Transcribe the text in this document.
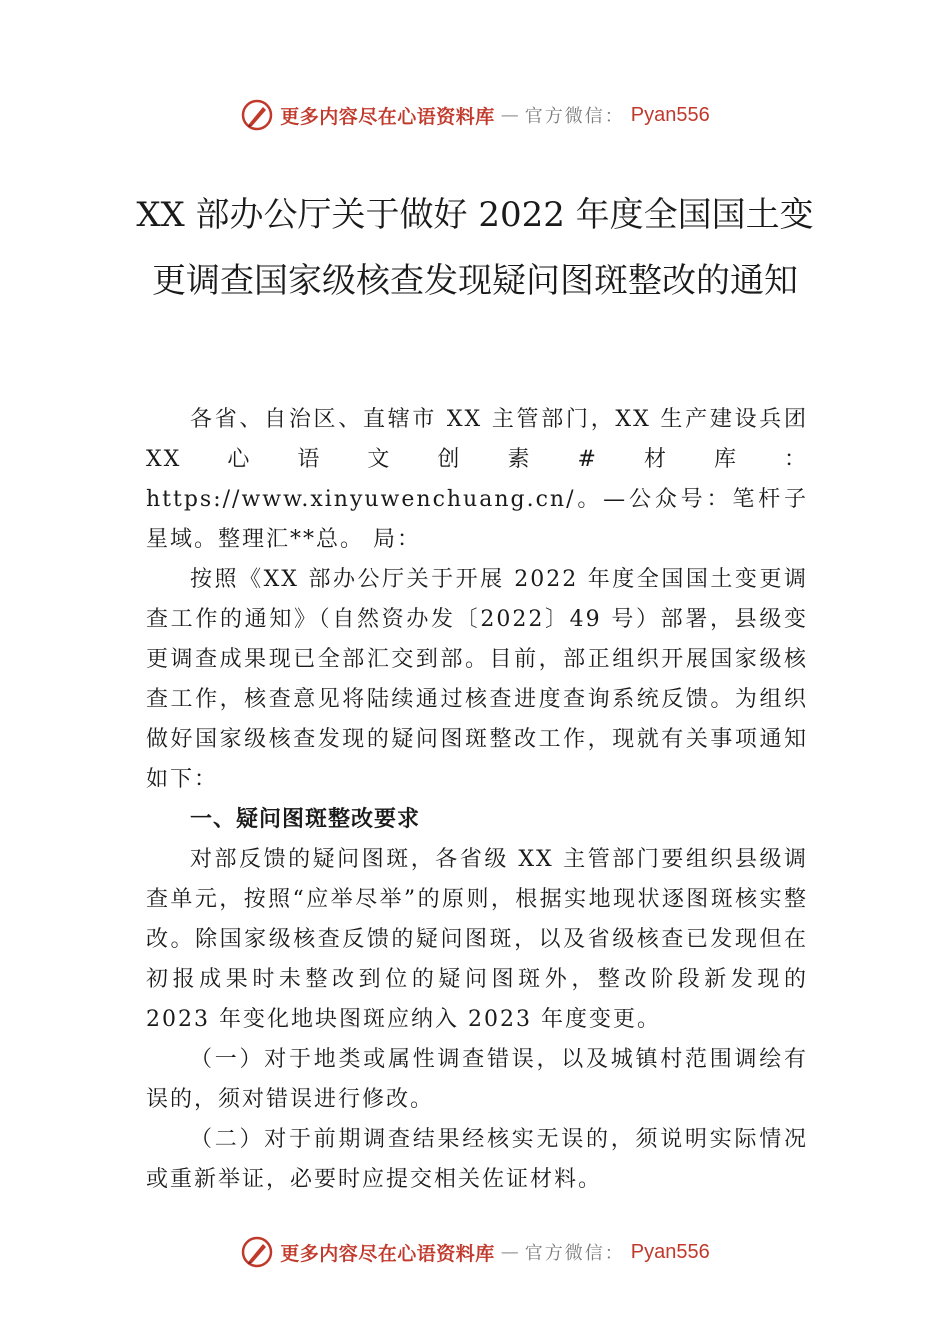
更多内容尽在心语资料库 — 官方微信： Pyan556
XX 部办公厅关于做好 2022 年度全国国土变更调查国家级核查发现疑问图斑整改的通知

各省、自治区、直辖市 XX 主管部门，XX 生产建设兵团XX心语文创素#材库：https://www.xinyuwenchuang.cn/。—公众号：笔杆子星域。整理汇**总。 局：

按照《XX 部办公厅关于开展 2022 年度全国国土变更调查工作的通知》（自然资办发〔2022〕49 号）部署，县级变更调查成果现已全部汇交到部。目前，部正组织开展国家级核查工作，核查意见将陆续通过核查进度查询系统反馈。为组织做好国家级核查发现的疑问图斑整改工作，现就有关事项通知如下：

一、疑问图斑整改要求

对部反馈的疑问图斑，各省级 XX 主管部门要组织县级调查单元，按照“应举尽举”的原则，根据实地现状逐图斑核实整改。除国家级核查反馈的疑问图斑，以及省级核查已发现但在初报成果时未整改到位的疑问图斑外，整改阶段新发现的 2023 年变化地块图斑应纳入 2023 年度变更。

（一）对于地类或属性调查错误，以及城镇村范围调绘有误的，须对错误进行修改。

（二）对于前期调查结果经核实无误的，须说明实际情况或重新举证，必要时应提交相关佐证材料。

更多内容尽在心语资料库 — 官方微信： Pyan556
